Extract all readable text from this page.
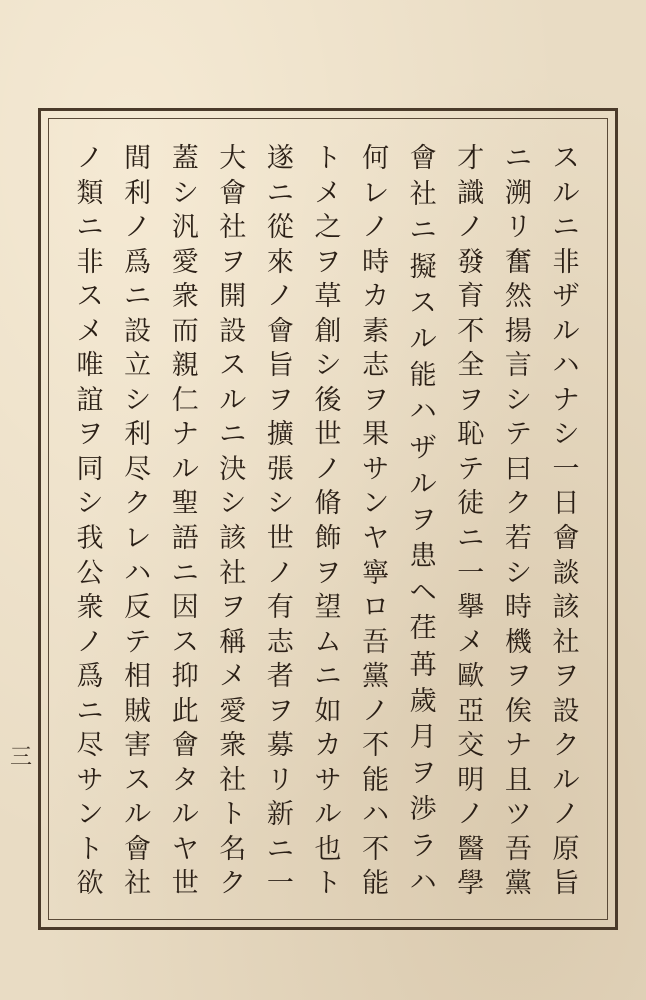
ス
ル
ニ
非
ザ
ル
ハ
ナ
シ
一
日
會
談
該
社
ヲ
設
ク
ル
ノ
原
旨
ニ
溯
リ
奮
然
揚
言
シ
テ
曰
ク
若
シ
時
機
ヲ
俟
ナ
且
ツ
吾
黨
才
識
ノ
發
育
不
全
ヲ
恥
テ
徒
ニ
一
擧
メ
歐
亞
交
明
ノ
醫
學
會
社
ニ
擬
ス
ル
能
ハ
ザ
ル
ヲ
患
ヘ
荏
苒
歲
月
ヲ
渉
ラ
ハ
何
レ
ノ
時
カ
素
志
ヲ
果
サ
ン
ヤ
寧
ロ
吾
黨
ノ
不
能
ハ
不
能
ト
メ
之
ヲ
草
創
シ
後
世
ノ
脩
飾
ヲ
望
ム
ニ
如
カ
サ
ル
也
ト
遂
ニ
從
來
ノ
會
旨
ヲ
擴
張
シ
世
ノ
有
志
者
ヲ
募
リ
新
ニ
一
大
會
社
ヲ
開
設
ス
ル
ニ
決
シ
該
社
ヲ
稱
メ
愛
衆
社
ト
名
ク
蓋
シ
汎
愛
衆
而
親
仁
ナ
ル
聖
語
ニ
因
ス
抑
此
會
タ
ル
ヤ
世
間
利
ノ
爲
ニ
設
立
シ
利
尽
ク
レ
ハ
反
テ
相
賊
害
ス
ル
會
社
ノ
類
ニ
非
ス
メ
唯
誼
ヲ
同
シ
我
公
衆
ノ
爲
ニ
尽
サ
ン
ト
欲
三
